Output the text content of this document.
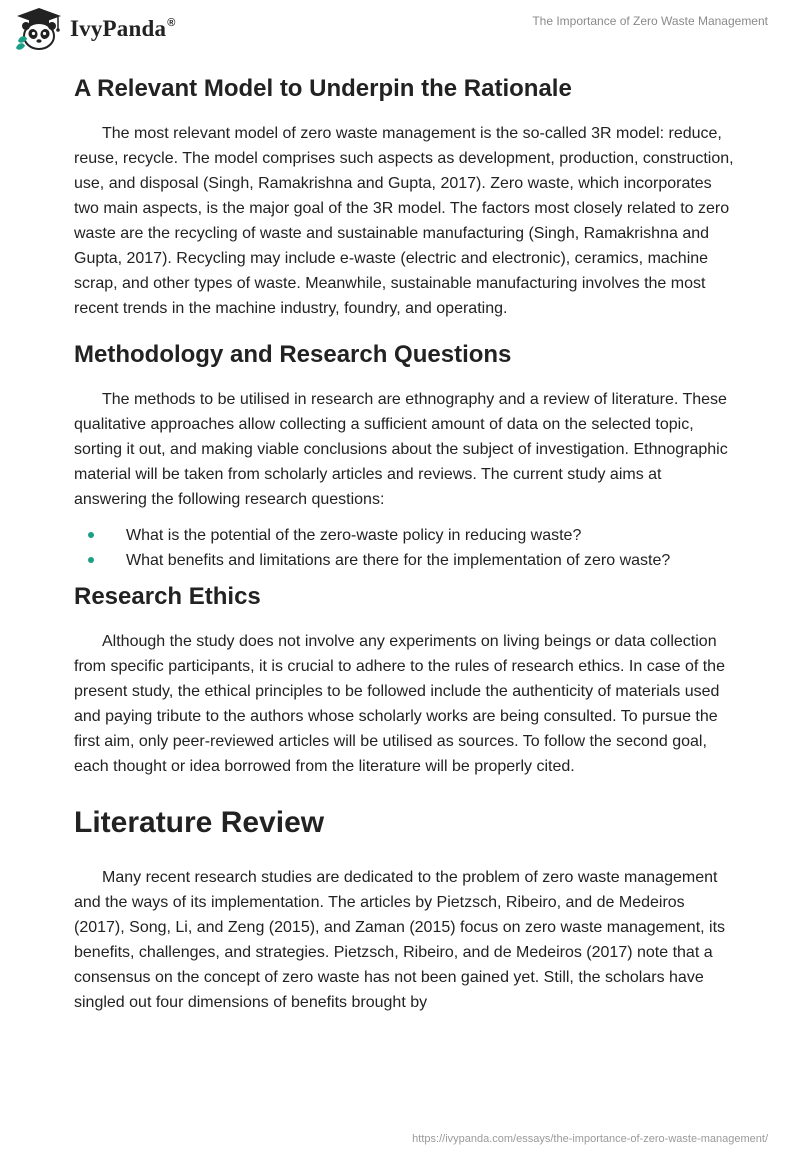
IvyPanda®	The Importance of Zero Waste Management
A Relevant Model to Underpin the Rationale

The most relevant model of zero waste management is the so-called 3R model: reduce, reuse, recycle. The model comprises such aspects as development, production, construction, use, and disposal (Singh, Ramakrishna and Gupta, 2017). Zero waste, which incorporates two main aspects, is the major goal of the 3R model. The factors most closely related to zero waste are the recycling of waste and sustainable manufacturing (Singh, Ramakrishna and Gupta, 2017). Recycling may include e-waste (electric and electronic), ceramics, machine scrap, and other types of waste. Meanwhile, sustainable manufacturing involves the most recent trends in the machine industry, foundry, and operating.

Methodology and Research Questions

The methods to be utilised in research are ethnography and a review of literature. These qualitative approaches allow collecting a sufficient amount of data on the selected topic, sorting it out, and making viable conclusions about the subject of investigation. Ethnographic material will be taken from scholarly articles and reviews. The current study aims at answering the following research questions:

What is the potential of the zero-waste policy in reducing waste?
What benefits and limitations are there for the implementation of zero waste?
Research Ethics

Although the study does not involve any experiments on living beings or data collection from specific participants, it is crucial to adhere to the rules of research ethics. In case of the present study, the ethical principles to be followed include the authenticity of materials used and paying tribute to the authors whose scholarly works are being consulted. To pursue the first aim, only peer-reviewed articles will be utilised as sources. To follow the second goal, each thought or idea borrowed from the literature will be properly cited.

Literature Review

Many recent research studies are dedicated to the problem of zero waste management and the ways of its implementation. The articles by Pietzsch, Ribeiro, and de Medeiros (2017), Song, Li, and Zeng (2015), and Zaman (2015) focus on zero waste management, its benefits, challenges, and strategies. Pietzsch, Ribeiro, and de Medeiros (2017) note that a consensus on the concept of zero waste has not been gained yet. Still, the scholars have singled out four dimensions of benefits brought by

https://ivypanda.com/essays/the-importance-of-zero-waste-management/
